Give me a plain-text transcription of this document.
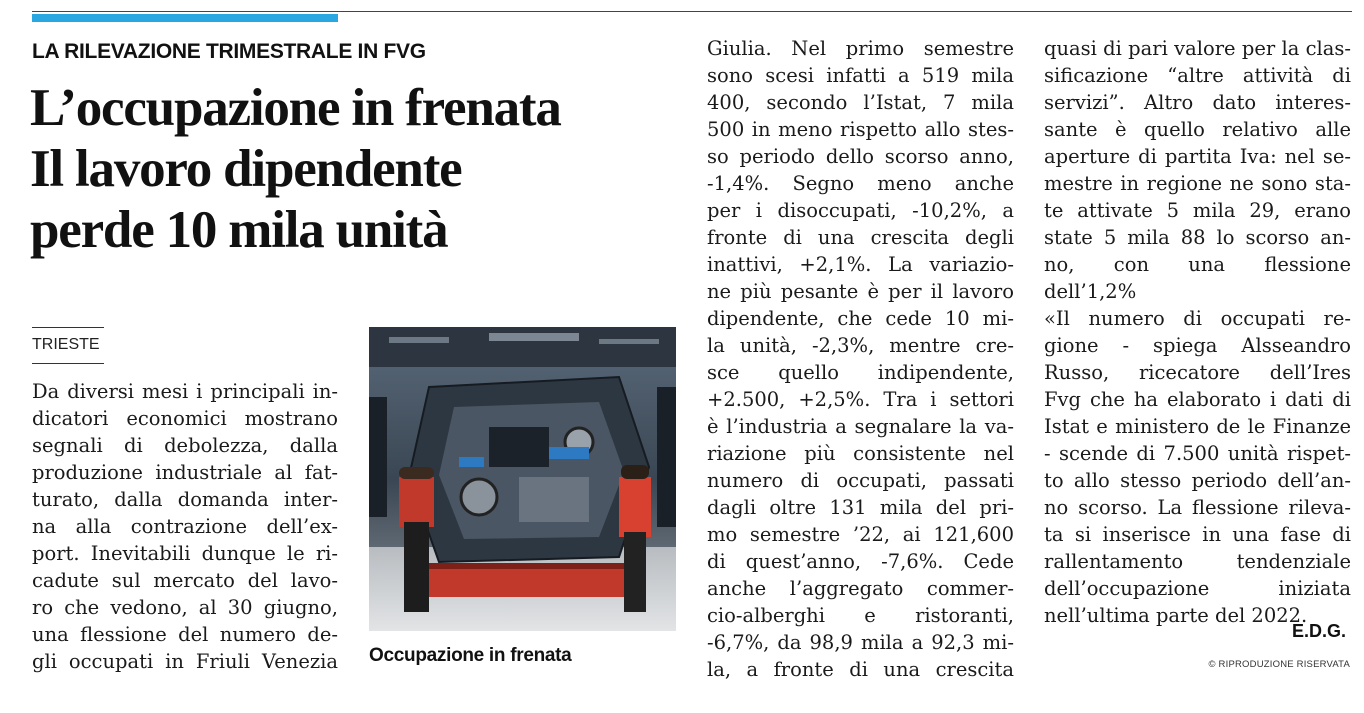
LA RILEVAZIONE TRIMESTRALE IN FVG
L’occupazione in frenata
Il lavoro dipendente
perde 10 mila unità
TRIESTE
Da diversi mesi i principali in-
dicatori economici mostrano
segnali di debolezza, dalla
produzione industriale al fat-
turato, dalla domanda inter-
na alla contrazione dell’ex-
port. Inevitabili dunque le ri-
cadute sul mercato del lavo-
ro che vedono, al 30 giugno,
una flessione del numero de-
gli occupati in Friuli Venezia Occupazione in frenata
Giulia. Nel primo semestre
sono scesi infatti a 519 mila
400, secondo l’Istat, 7 mila
500 in meno rispetto allo stes-
so periodo dello scorso anno,
-1,4%. Segno meno anche
per i disoccupati, -10,2%, a
fronte di una crescita degli
inattivi, +2,1%. La variazio-
ne più pesante è per il lavoro
dipendente, che cede 10 mi-
la unità, -2,3%, mentre cre-
sce quello indipendente,
+2.500, +2,5%. Tra i settori
è l’industria a segnalare la va-
riazione più consistente nel
numero di occupati, passati
dagli oltre 131 mila del pri-
mo semestre ’22, ai 121,600
di quest’anno, -7,6%. Cede
anche l’aggregato commer-
cio-alberghi e ristoranti,
-6,7%, da 98,9 mila a 92,3 mi-
la, a fronte di una crescita
quasi di pari valore per la clas-
sificazione “altre attività di
servizi”. Altro dato interes-
sante è quello relativo alle
aperture di partita Iva: nel se-
mestre in regione ne sono sta-
te attivate 5 mila 29, erano
state 5 mila 88 lo scorso an-
no, con una flessione
dell’1,2%
«Il numero di occupati re-
gione - spiega Alsseandro
Russo, ricecatore dell’Ires
Fvg che ha elaborato i dati di
Istat e ministero de le Finanze
- scende di 7.500 unità rispet-
to allo stesso periodo dell’an-
no scorso. La flessione rileva-
ta si inserisce in una fase di
rallentamento tendenziale
dell’occupazione iniziata
nell’ultima parte del 2022.
E.D.G.
© RIPRODUZIONE RISERVATA
